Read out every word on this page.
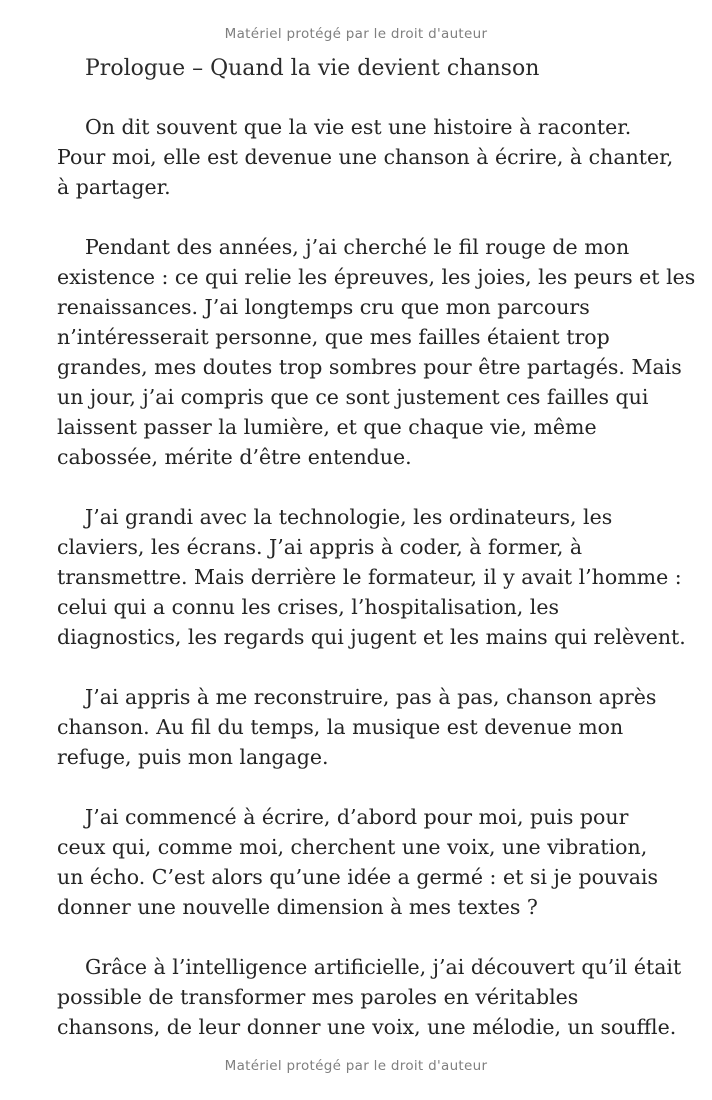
Matériel protégé par le droit d'auteur
Prologue – Quand la vie devient chanson
On dit souvent que la vie est une histoire à raconter.
Pour moi, elle est devenue une chanson à écrire, à chanter,
à partager.
Pendant des années, j’ai cherché le fil rouge de mon
existence : ce qui relie les épreuves, les joies, les peurs et les
renaissances. J’ai longtemps cru que mon parcours
n’intéresserait personne, que mes failles étaient trop
grandes, mes doutes trop sombres pour être partagés. Mais
un jour, j’ai compris que ce sont justement ces failles qui
laissent passer la lumière, et que chaque vie, même
cabossée, mérite d’être entendue.
J’ai grandi avec la technologie, les ordinateurs, les
claviers, les écrans. J’ai appris à coder, à former, à
transmettre. Mais derrière le formateur, il y avait l’homme :
celui qui a connu les crises, l’hospitalisation, les
diagnostics, les regards qui jugent et les mains qui relèvent.
J’ai appris à me reconstruire, pas à pas, chanson après
chanson. Au fil du temps, la musique est devenue mon
refuge, puis mon langage.
J’ai commencé à écrire, d’abord pour moi, puis pour
ceux qui, comme moi, cherchent une voix, une vibration,
un écho. C’est alors qu’une idée a germé : et si je pouvais
donner une nouvelle dimension à mes textes ?
Grâce à l’intelligence artificielle, j’ai découvert qu’il était
possible de transformer mes paroles en véritables
chansons, de leur donner une voix, une mélodie, un souffle.
Matériel protégé par le droit d'auteur
